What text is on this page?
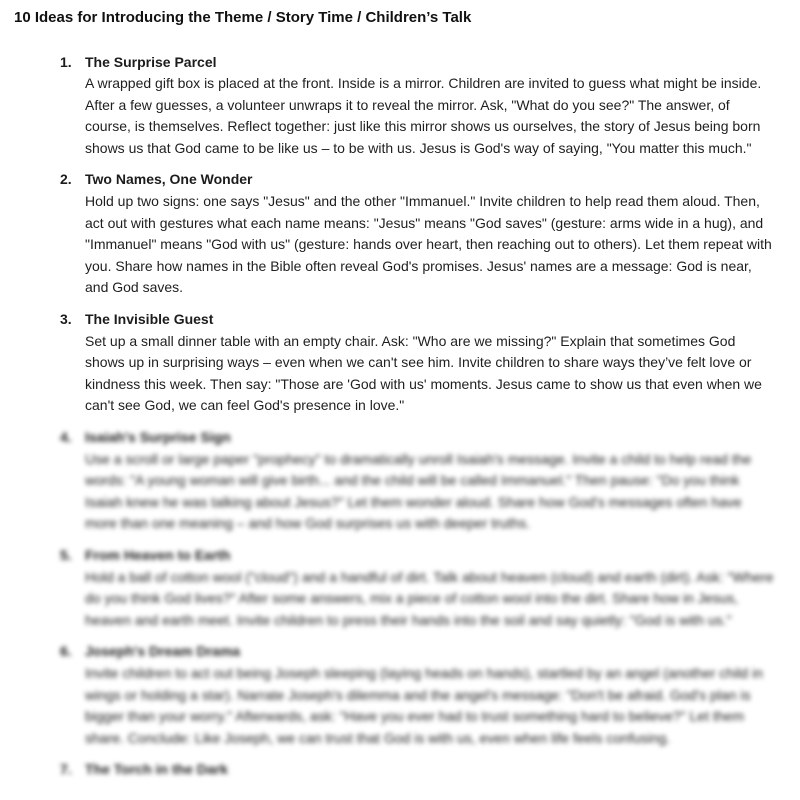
10 Ideas for Introducing the Theme / Story Time / Children’s Talk
1. The Surprise Parcel
A wrapped gift box is placed at the front. Inside is a mirror. Children are invited to guess what might be inside. After a few guesses, a volunteer unwraps it to reveal the mirror. Ask, "What do you see?" The answer, of course, is themselves. Reflect together: just like this mirror shows us ourselves, the story of Jesus being born shows us that God came to be like us – to be with us. Jesus is God's way of saying, "You matter this much."
2. Two Names, One Wonder
Hold up two signs: one says "Jesus" and the other "Immanuel." Invite children to help read them aloud. Then, act out with gestures what each name means: "Jesus" means "God saves" (gesture: arms wide in a hug), and "Immanuel" means "God with us" (gesture: hands over heart, then reaching out to others). Let them repeat with you. Share how names in the Bible often reveal God's promises. Jesus' names are a message: God is near, and God saves.
3. The Invisible Guest
Set up a small dinner table with an empty chair. Ask: "Who are we missing?" Explain that sometimes God shows up in surprising ways – even when we can't see him. Invite children to share ways they’ve felt love or kindness this week. Then say: "Those are 'God with us' moments. Jesus came to show us that even when we can't see God, we can feel God's presence in love."
4. Isaiah's Surprise Sign
Use a scroll or large paper "prophecy" to dramatically unroll Isaiah's message. Invite a child to help read the words: "A young woman will give birth... and the child will be called Immanuel." Then pause: "Do you think Isaiah knew he was talking about Jesus?" Let them wonder aloud. Share how God's messages often have more than one meaning – and how God surprises us with deeper truths.
5. From Heaven to Earth
Hold a ball of cotton wool ("cloud") and a handful of dirt. Talk about heaven (cloud) and earth (dirt). Ask: "Where do you think God lives?" After some answers, mix a piece of cotton wool into the dirt. Share how in Jesus, heaven and earth meet. Invite children to press their hands into the soil and say quietly: "God is with us."
6. Joseph's Dream Drama
Invite children to act out being Joseph sleeping (laying heads on hands), startled by an angel (another child in wings or holding a star). Narrate Joseph's dilemma and the angel's message: "Don't be afraid. God's plan is bigger than your worry." Afterwards, ask: "Have you ever had to trust something hard to believe?" Let them share. Conclude: Like Joseph, we can trust that God is with us, even when life feels confusing.
7. The Torch in the Dark
